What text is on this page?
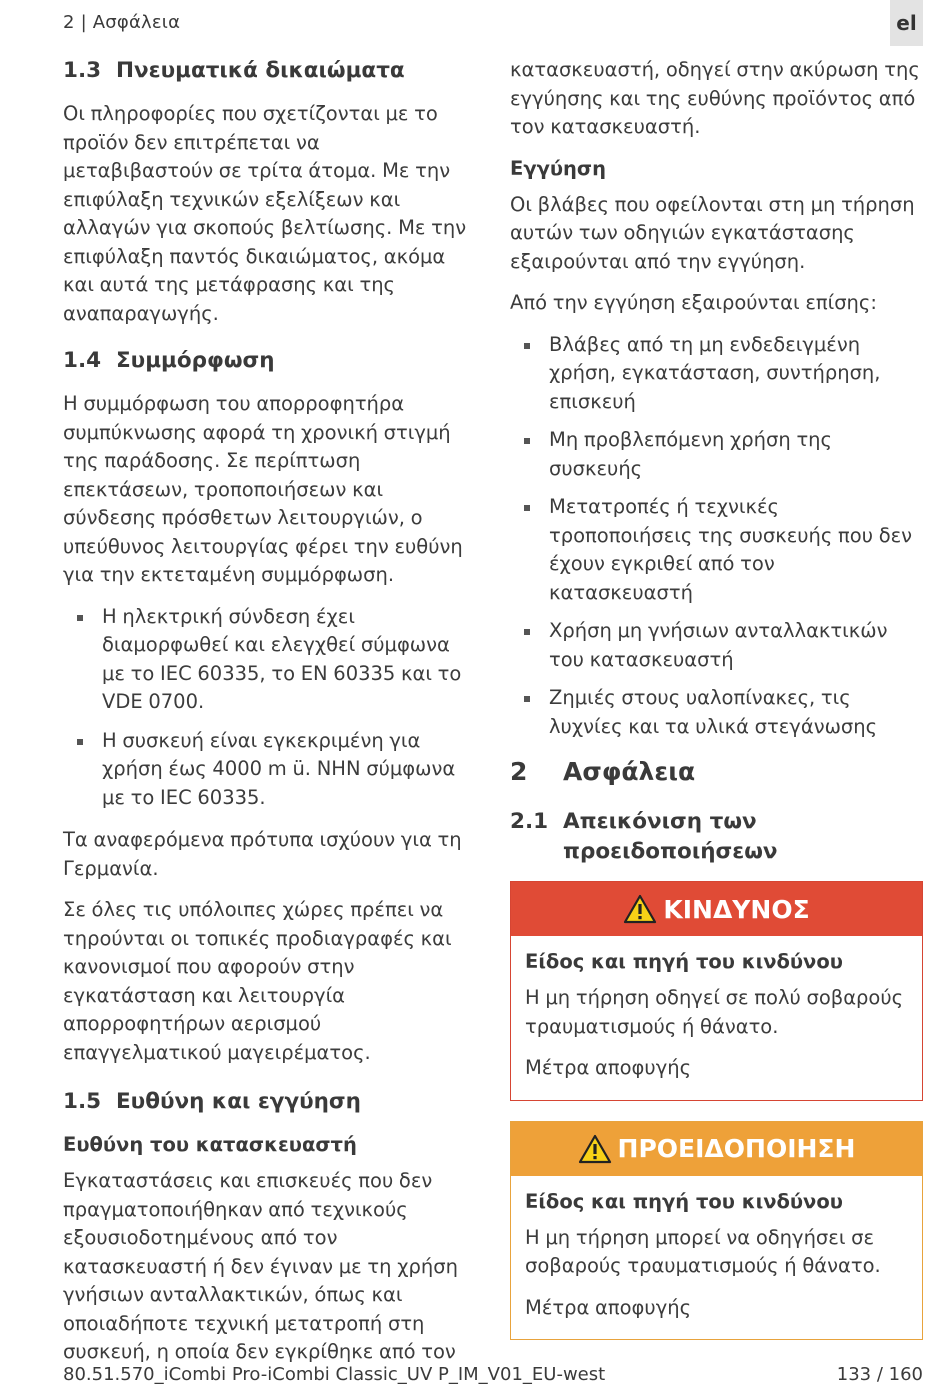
2 | Ασφάλεια	el
1.3 Πνευματικά δικαιώματα

Οι πληροφορίες που σχετίζονται με το προϊόν δεν επιτρέπεται να μεταβιβαστούν σε τρίτα άτομα. Με την επιφύλαξη τεχνικών εξελίξεων και αλλαγών για σκοπούς βελτίωσης. Με την επιφύλαξη παντός δικαιώματος, ακόμα και αυτά της μετάφρασης και της αναπαραγωγής.

1.4 Συμμόρφωση

Η συμμόρφωση του απορροφητήρα συμπύκνωσης αφορά τη χρονική στιγμή της παράδοσης. Σε περίπτωση επεκτάσεων, τροποποιήσεων και σύνδεσης πρόσθετων λειτουργιών, ο υπεύθυνος λειτουργίας φέρει την ευθύνη για την εκτεταμένη συμμόρφωση.

Η ηλεκτρική σύνδεση έχει διαμορφωθεί και ελεγχθεί σύμφωνα με το IEC 60335, το EN 60335 και το VDE 0700.
Η συσκευή είναι εγκεκριμένη για χρήση έως 4000 m ü. NHN σύμφωνα με το IEC 60335.

Τα αναφερόμενα πρότυπα ισχύουν για τη Γερμανία.

Σε όλες τις υπόλοιπες χώρες πρέπει να τηρούνται οι τοπικές προδιαγραφές και κανονισμοί που αφορούν στην εγκατάσταση και λειτουργία απορροφητήρων αερισμού επαγγελματικού μαγειρέματος.

1.5 Ευθύνη και εγγύηση
Ευθύνη του κατασκευαστή

Εγκαταστάσεις και επισκευές που δεν πραγματοποιήθηκαν από τεχνικούς εξουσιοδοτημένους από τον κατασκευαστή ή δεν έγιναν με τη χρήση γνήσιων ανταλλακτικών, όπως και οποιαδήποτε τεχνική μετατροπή στη συσκευή, η οποία δεν εγκρίθηκε από τον

κατασκευαστή, οδηγεί στην ακύρωση της εγγύησης και της ευθύνης προϊόντος από τον κατασκευαστή.

Εγγύηση

Οι βλάβες που οφείλονται στη μη τήρηση αυτών των οδηγιών εγκατάστασης εξαιρούνται από την εγγύηση.

Από την εγγύηση εξαιρούνται επίσης:

Βλάβες από τη μη ενδεδειγμένη χρήση, εγκατάσταση, συντήρηση, επισκευή
Μη προβλεπόμενη χρήση της συσκευής
Μετατροπές ή τεχνικές τροποποιήσεις της συσκευής που δεν έχουν εγκριθεί από τον κατασκευαστή
Χρήση μη γνήσιων ανταλλακτικών του κατασκευαστή
Ζημιές στους υαλοπίνακες, τις λυχνίες και τα υλικά στεγάνωσης
2	Ασφάλεια
2.1 Απεικόνιση των προειδοποιήσεων
ΚΙΝΔΥΝΟΣ
Είδος και πηγή του κινδύνου

Η μη τήρηση οδηγεί σε πολύ σοβαρούς τραυματισμούς ή θάνατο.

Μέτρα αποφυγής

ΠΡΟΕΙΔΟΠΟΙΗΣΗ
Είδος και πηγή του κινδύνου

Η μη τήρηση μπορεί να οδηγήσει σε σοβαρούς τραυματισμούς ή θάνατο.

Μέτρα αποφυγής

80.51.570_iCombi Pro-iCombi Classic_UV P_IM_V01_EU-west	133 / 160
